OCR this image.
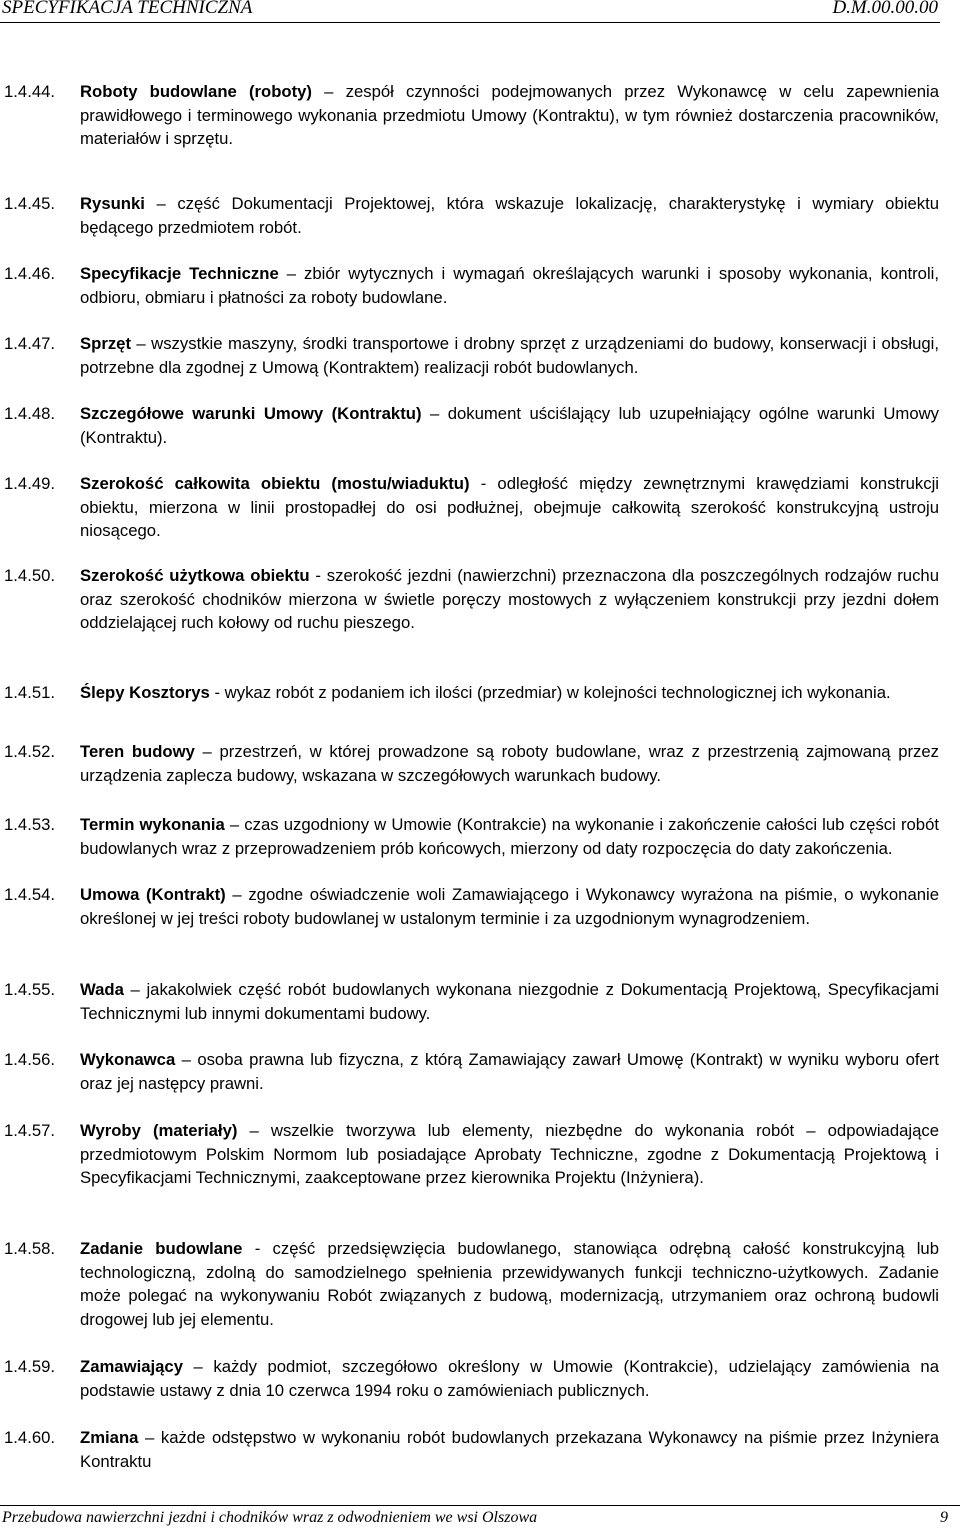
SPECYFIKACJA TECHNICZNA	D.M.00.00.00
1.4.44.	Roboty budowlane (roboty) – zespół czynności podejmowanych przez Wykonawcę w celu zapewnienia prawidłowego i terminowego wykonania przedmiotu Umowy (Kontraktu), w tym również dostarczenia pracowników, materiałów i sprzętu.
1.4.45.	Rysunki – część Dokumentacji Projektowej, która wskazuje lokalizację, charakterystykę i wymiary obiektu będącego przedmiotem robót.
1.4.46.	Specyfikacje Techniczne – zbiór wytycznych i wymagań określających warunki i sposoby wykonania, kontroli, odbioru, obmiaru i płatności za roboty budowlane.
1.4.47.	Sprzęt – wszystkie maszyny, środki transportowe i drobny sprzęt z urządzeniami do budowy, konserwacji i obsługi, potrzebne dla zgodnej z Umową (Kontraktem) realizacji robót budowlanych.
1.4.48.	Szczegółowe warunki Umowy (Kontraktu) – dokument uściślający lub uzupełniający ogólne warunki Umowy (Kontraktu).
1.4.49.	Szerokość całkowita obiektu (mostu/wiaduktu) - odległość między zewnętrznymi krawędziami konstrukcji obiektu, mierzona w linii prostopadłej do osi podłużnej, obejmuje całkowitą szerokość konstrukcyjną ustroju niosącego.
1.4.50.	Szerokość użytkowa obiektu - szerokość jezdni (nawierzchni) przeznaczona dla poszczególnych rodzajów ruchu oraz szerokość chodników mierzona w świetle poręczy mostowych z wyłączeniem konstrukcji przy jezdni dołem oddzielającej ruch kołowy od ruchu pieszego.
1.4.51.	Ślepy Kosztorys - wykaz robót z podaniem ich ilości (przedmiar) w kolejności technologicznej ich wykonania.
1.4.52.	Teren budowy – przestrzeń, w której prowadzone są roboty budowlane, wraz z przestrzenią zajmowaną przez urządzenia zaplecza budowy, wskazana w szczegółowych warunkach budowy.
1.4.53.	Termin wykonania – czas uzgodniony w Umowie (Kontrakcie) na wykonanie i zakończenie całości lub części robót budowlanych wraz z przeprowadzeniem prób końcowych, mierzony od daty rozpoczęcia do daty zakończenia.
1.4.54.	Umowa (Kontrakt) – zgodne oświadczenie woli Zamawiającego i Wykonawcy wyrażona na piśmie, o wykonanie określonej w jej treści roboty budowlanej w ustalonym terminie i za uzgodnionym wynagrodzeniem.
1.4.55.	Wada – jakakolwiek część robót budowlanych wykonana niezgodnie z Dokumentacją Projektową, Specyfikacjami Technicznymi lub innymi dokumentami budowy.
1.4.56.	Wykonawca – osoba prawna lub fizyczna, z którą Zamawiający zawarł Umowę (Kontrakt) w wyniku wyboru ofert oraz jej następcy prawni.
1.4.57.	Wyroby (materiały) – wszelkie tworzywa lub elementy, niezbędne do wykonania robót – odpowiadające przedmiotowym Polskim Normom lub posiadające Aprobaty Techniczne, zgodne z Dokumentacją Projektową i Specyfikacjami Technicznymi, zaakceptowane przez kierownika Projektu (Inżyniera).
1.4.58.	Zadanie budowlane - część przedsięwzięcia budowlanego, stanowiąca odrębną całość konstrukcyjną lub technologiczną, zdolną do samodzielnego spełnienia przewidywanych funkcji techniczno-użytkowych. Zadanie może polegać na wykonywaniu Robót związanych z budową, modernizacją, utrzymaniem oraz ochroną budowli drogowej lub jej elementu.
1.4.59.	Zamawiający – każdy podmiot, szczegółowo określony w Umowie (Kontrakcie), udzielający zamówienia na podstawie ustawy z dnia 10 czerwca 1994 roku o zamówieniach publicznych.
1.4.60.	Zmiana – każde odstępstwo w wykonaniu robót budowlanych przekazana Wykonawcy na piśmie przez Inżyniera Kontraktu
Przebudowa nawierzchni jezdni i chodników wraz z odwodnieniem we wsi Olszowa	9
